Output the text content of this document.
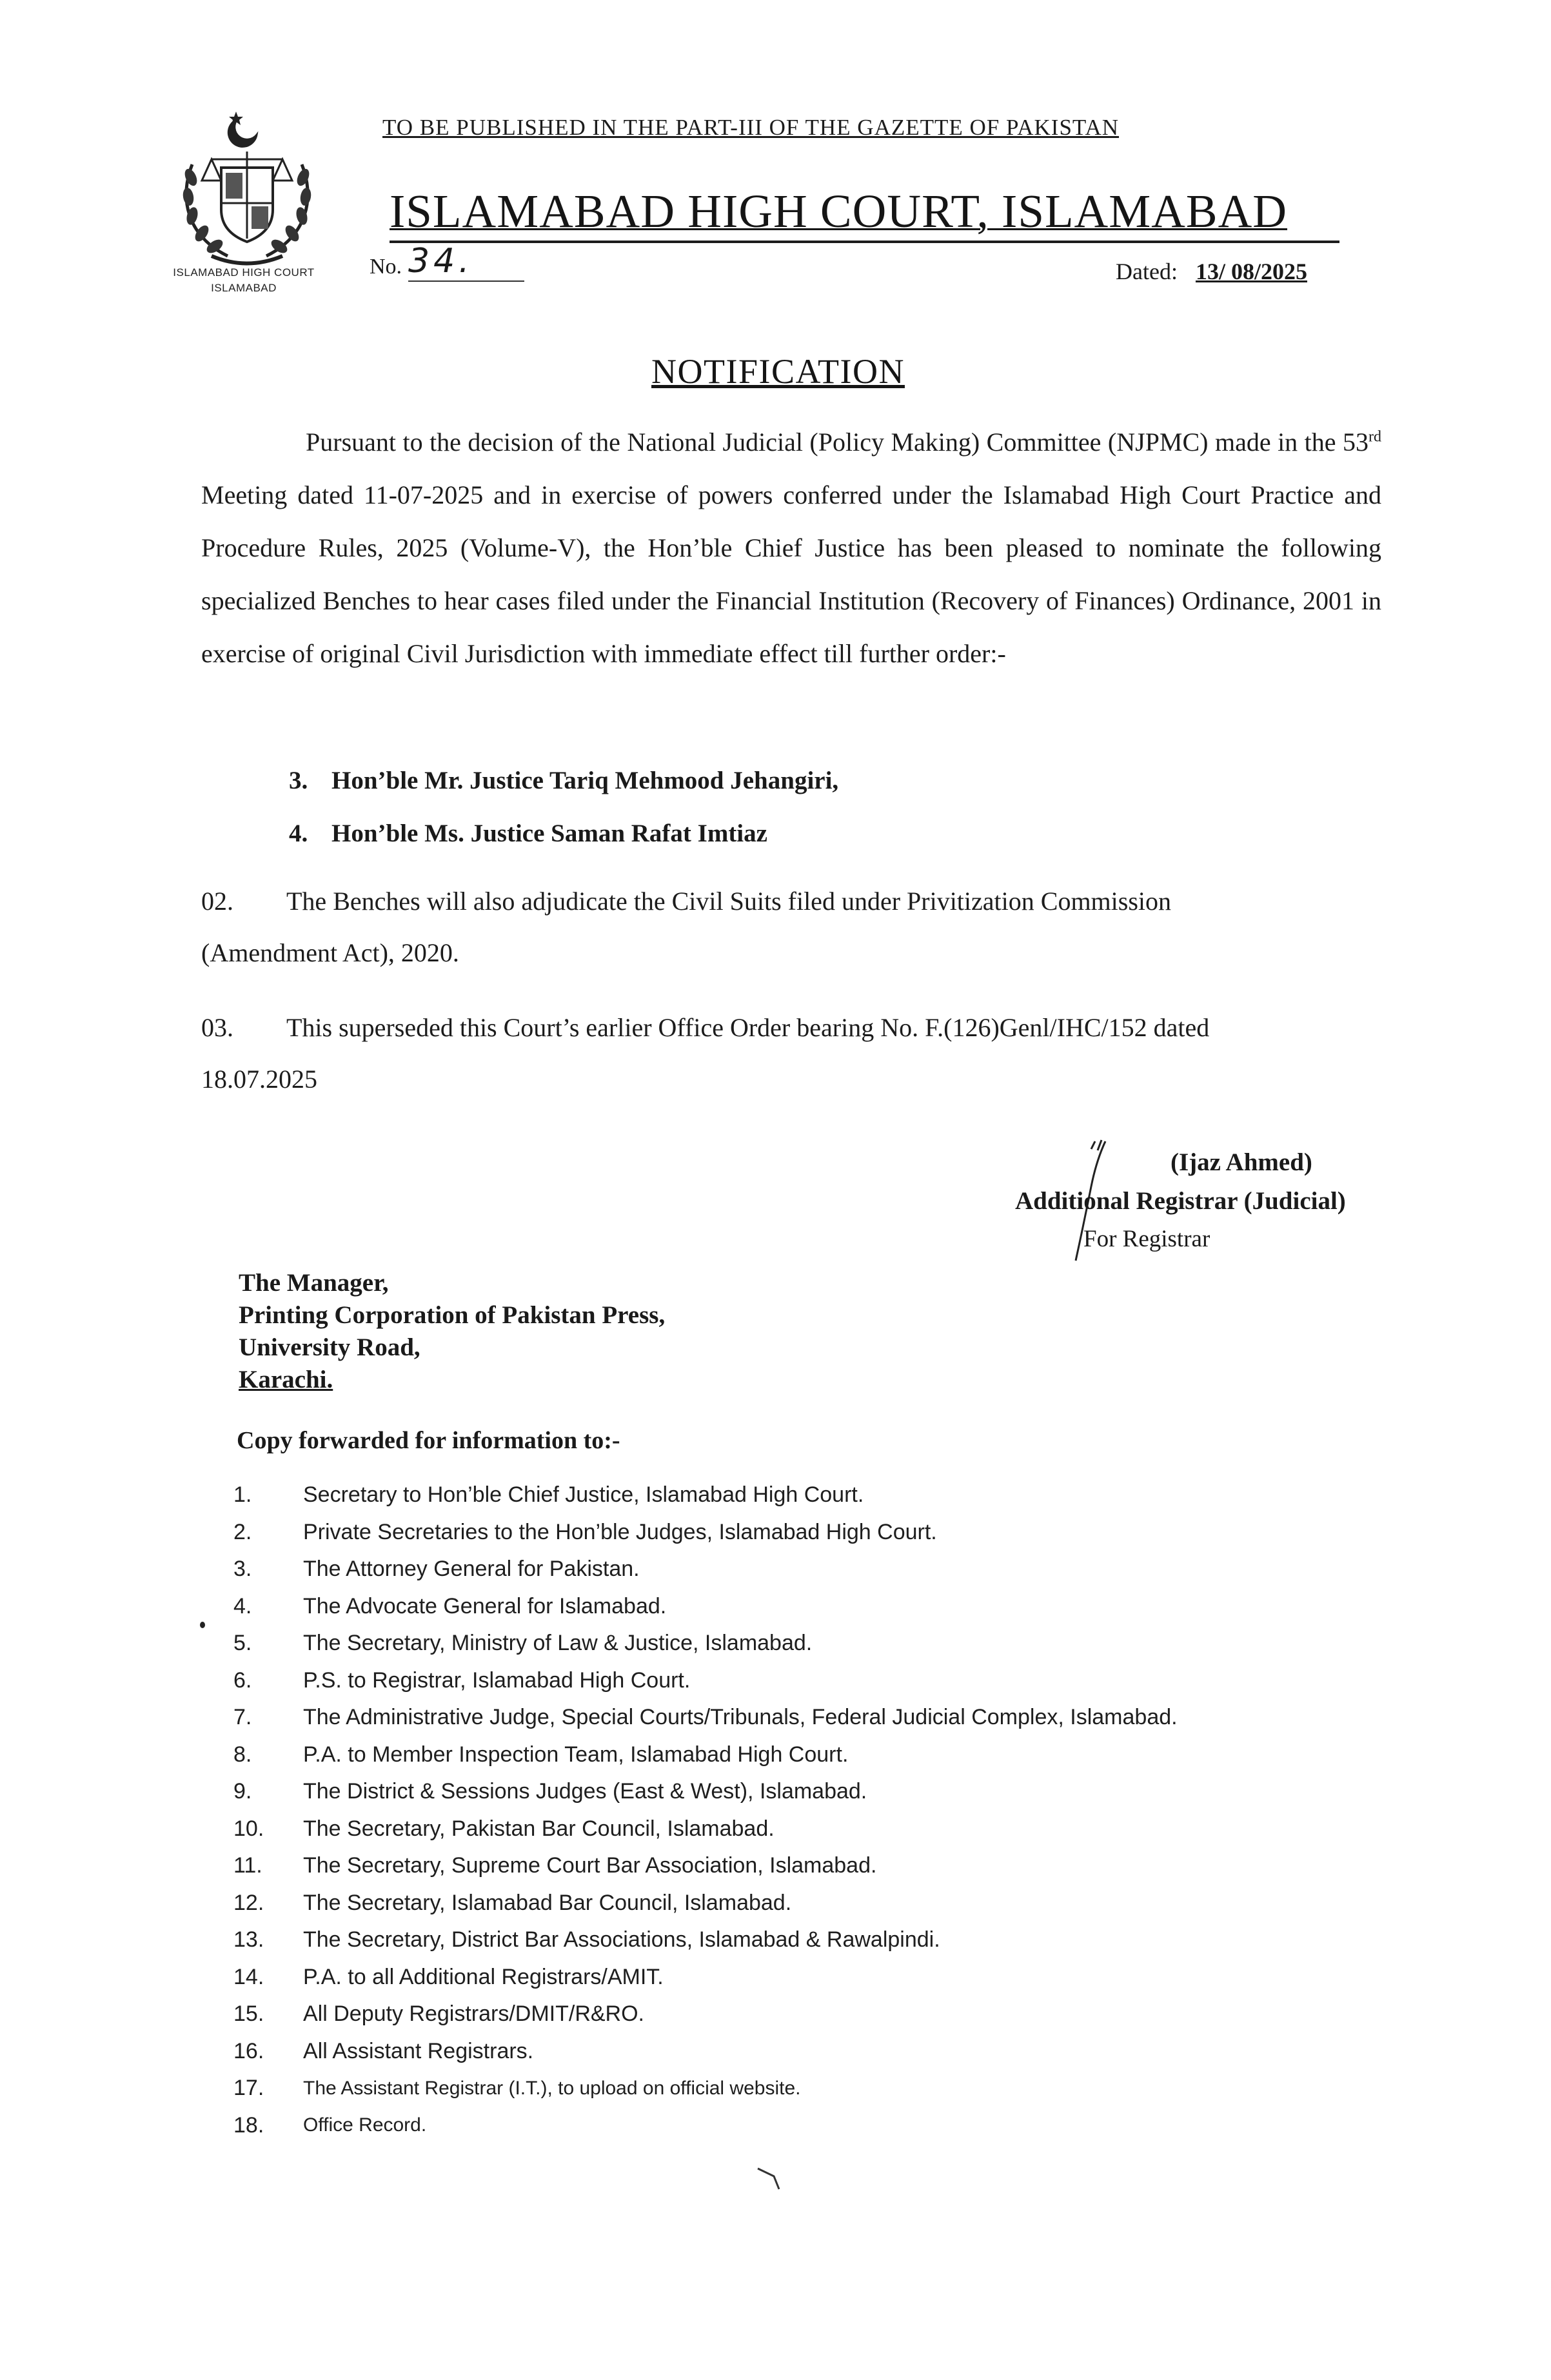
ISLAMABAD HIGH COURT
ISLAMABAD
TO BE PUBLISHED IN THE PART-III OF THE GAZETTE OF PAKISTAN
ISLAMABAD HIGH COURT, ISLAMABAD
No. 34.	Dated: 13/ 08/2025
NOTIFICATION
Pursuant to the decision of the National Judicial (Policy Making) Committee (NJPMC) made in the 53rd Meeting dated 11-07-2025 and in exercise of powers conferred under the Islamabad High Court Practice and Procedure Rules, 2025 (Volume-V), the Hon’ble Chief Justice has been pleased to nominate the following specialized Benches to hear cases filed under the Financial Institution (Recovery of Finances) Ordinance, 2001 in exercise of original Civil Jurisdiction with immediate effect till further order:-
3. Hon’ble Mr. Justice Tariq Mehmood Jehangiri,
4. Hon’ble Ms. Justice Saman Rafat Imtiaz
02.	The Benches will also adjudicate the Civil Suits filed under Privitization Commission
(Amendment Act), 2020.
03.	This superseded this Court’s earlier Office Order bearing No. F.(126)Genl/IHC/152 dated
18.07.2025
(Ijaz Ahmed)
Additional Registrar (Judicial)
For Registrar
The Manager,
Printing Corporation of Pakistan Press,
University Road,
Karachi.
Copy forwarded for information to:-
1.	Secretary to Hon’ble Chief Justice, Islamabad High Court.
2.	Private Secretaries to the Hon’ble Judges, Islamabad High Court.
3.	The Attorney General for Pakistan.
4.	The Advocate General for Islamabad.
5.	The Secretary, Ministry of Law & Justice, Islamabad.
6.	P.S. to Registrar, Islamabad High Court.
7.	The Administrative Judge, Special Courts/Tribunals, Federal Judicial Complex, Islamabad.
8.	P.A. to Member Inspection Team, Islamabad High Court.
9.	The District & Sessions Judges (East & West), Islamabad.
10.	The Secretary, Pakistan Bar Council, Islamabad.
11.	The Secretary, Supreme Court Bar Association, Islamabad.
12.	The Secretary, Islamabad Bar Council, Islamabad.
13.	The Secretary, District Bar Associations, Islamabad & Rawalpindi.
14.	P.A. to all Additional Registrars/AMIT.
15.	All Deputy Registrars/DMIT/R&RO.
16.	All Assistant Registrars.
17.	The Assistant Registrar (I.T.), to upload on official website.
18.	Office Record.
